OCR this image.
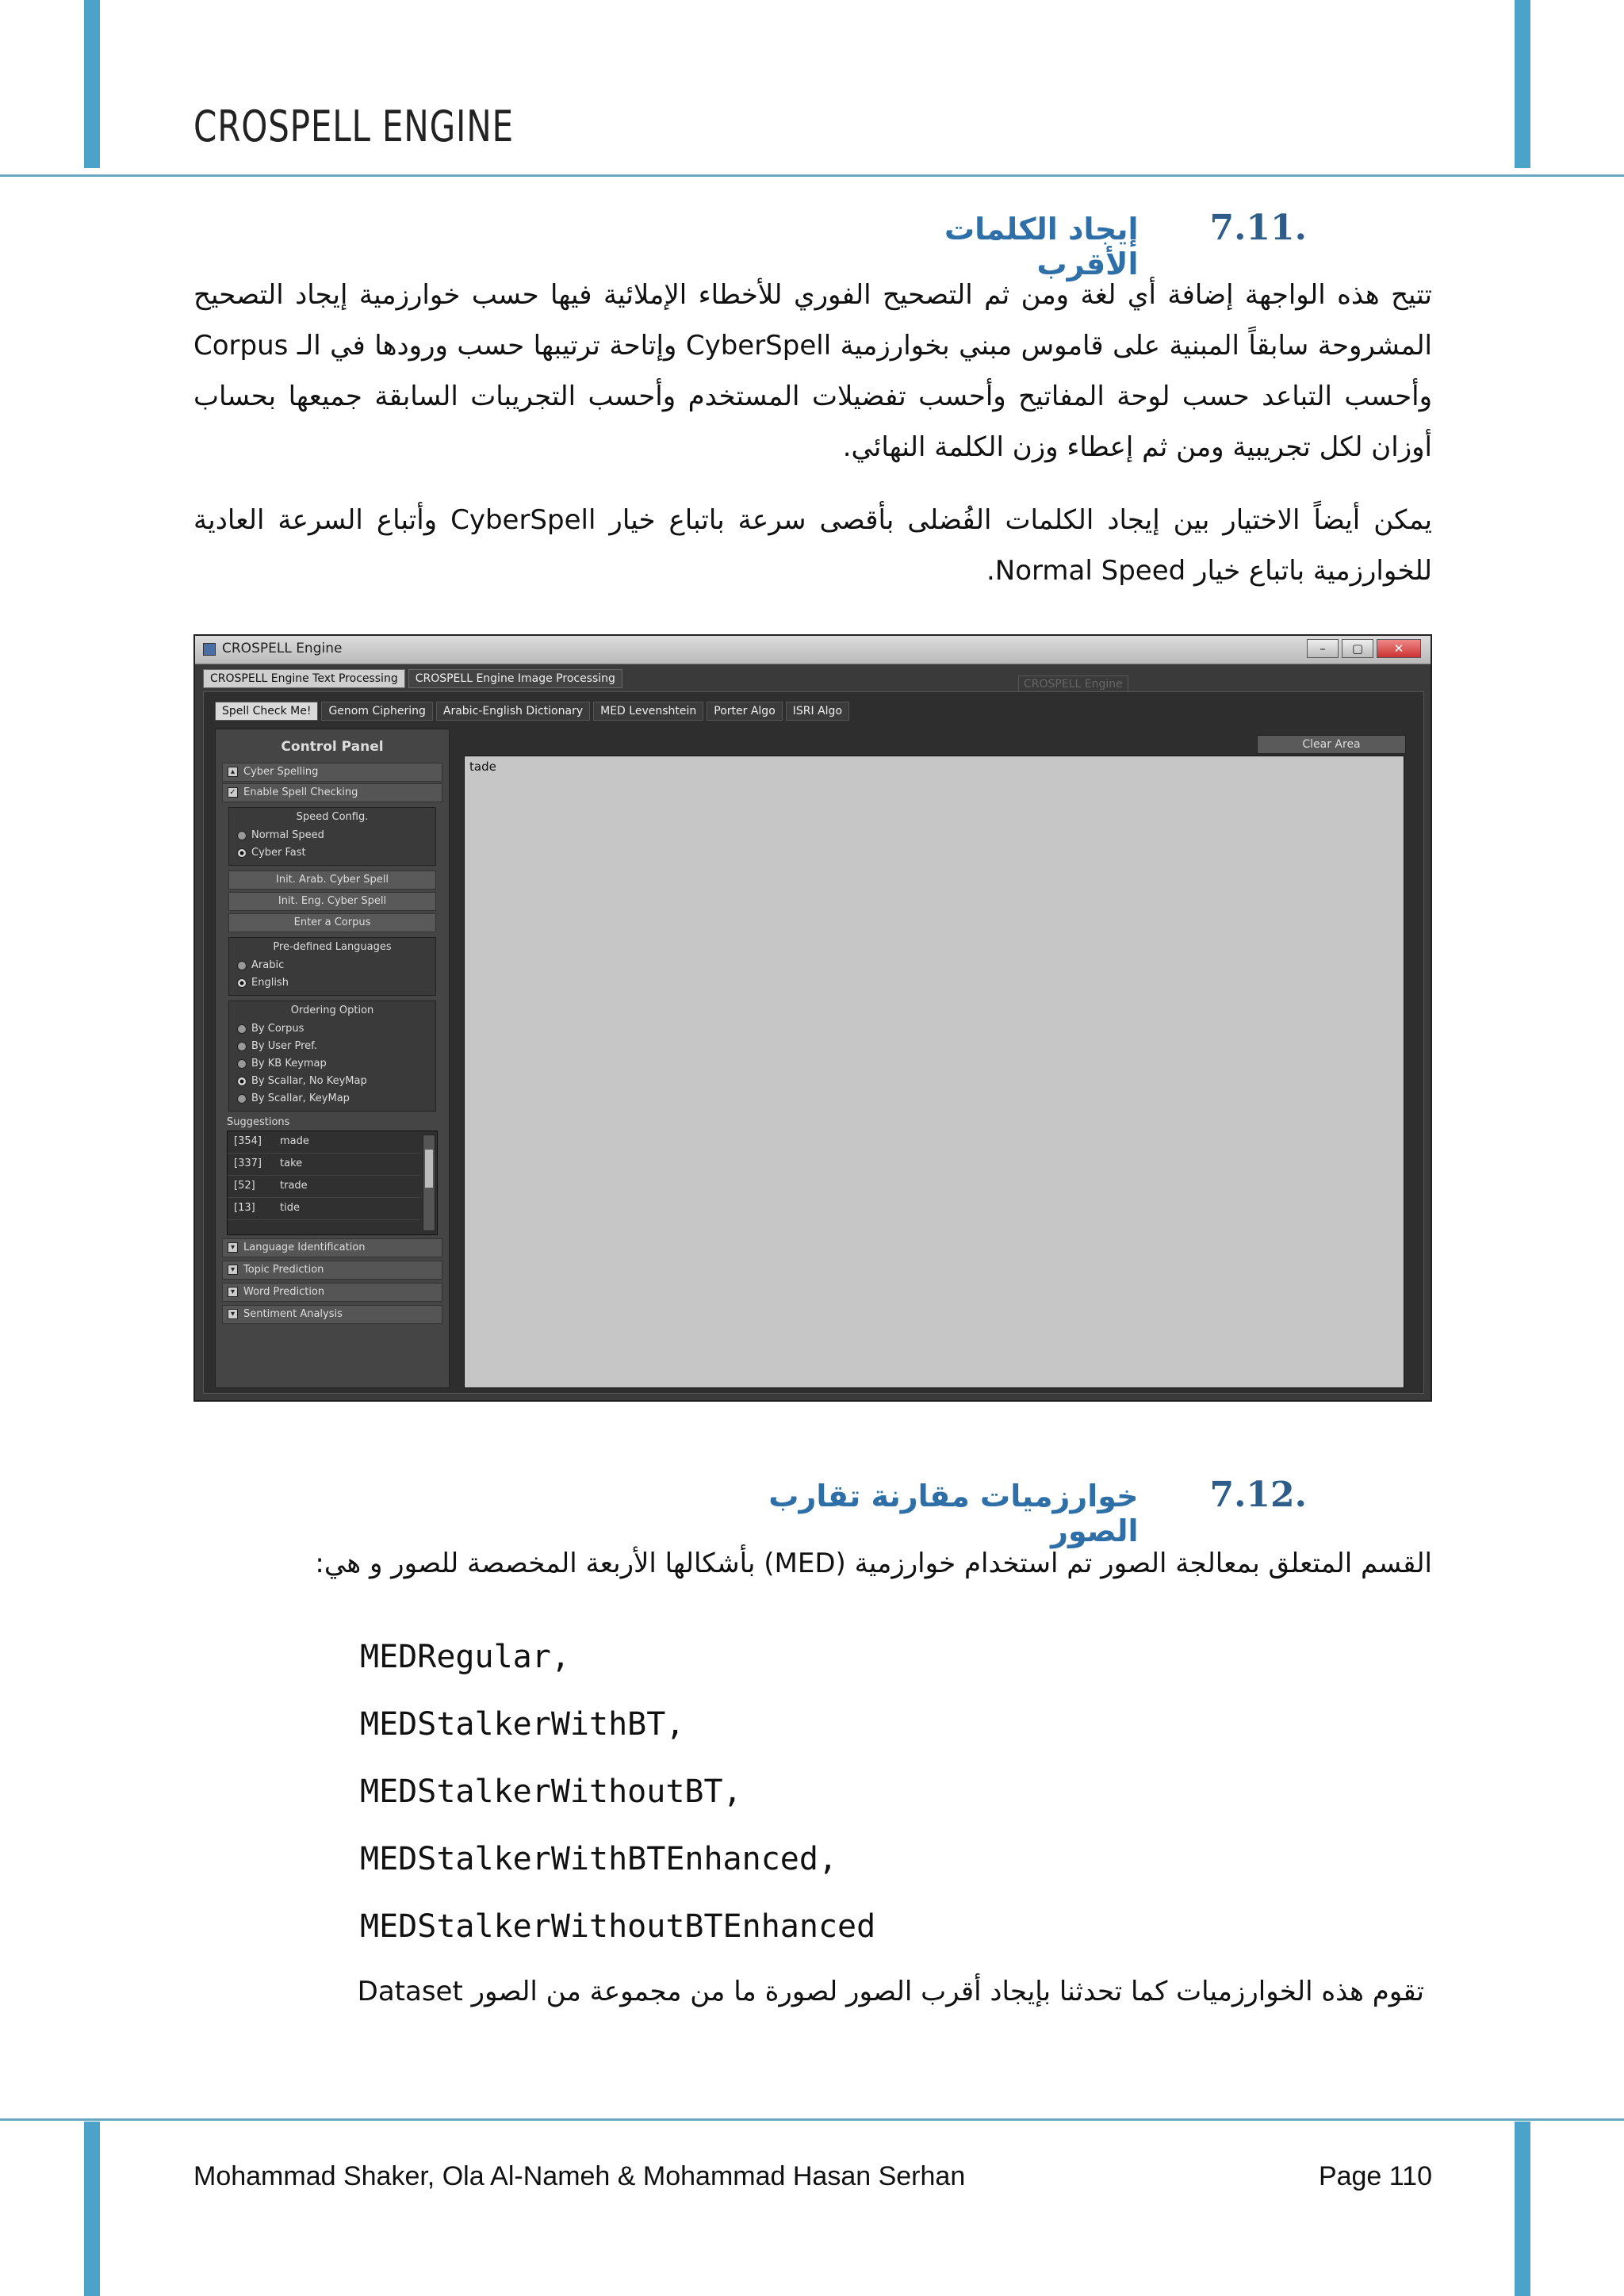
CROSPELL ENGINE
.7.11
إيجاد الكلمات الأقرب
تتيح هذه الواجهة إضافة أي لغة ومن ثم التصحيح الفوري للأخطاء الإملائية فيها حسب خوارزمية إيجاد التصحيح المشروحة سابقاً المبنية على قاموس مبني بخوارزمية CyberSpell وإتاحة ترتيبها حسب ورودها في الـ Corpus وأحسب التباعد حسب لوحة المفاتيح وأحسب تفضيلات المستخدم وأحسب التجريبات السابقة جميعها بحساب أوزان لكل تجريبية ومن ثم إعطاء وزن الكلمة النهائي.
يمكن أيضاً الاختيار بين إيجاد الكلمات الفُضلى بأقصى سرعة باتباع خيار CyberSpell وأتباع السرعة العادية للخوارزمية باتباع خيار Normal Speed.
CROSPELL Engine	–	▢	✕
CROSPELL Engine Text Processing	CROSPELL Engine Image Processing	CROSPELL Engine
Spell Check Me!	Genom Ciphering	Arabic-English Dictionary	MED Levenshtein	Porter Algo	ISRI Algo
Control Panel
▴ Cyber Spelling
✓ Enable Spell Checking
Speed Config.
Normal Speed
Cyber Fast
Init. Arab. Cyber Spell
Init. Eng. Cyber Spell
Enter a Corpus
Pre-defined Languages
Arabic
English
Ordering Option
By Corpus
By User Pref.
By KB Keymap
By Scallar, No KeyMap
By Scallar, KeyMap
Suggestions
[354]	made
[337]	take
[52]	trade
[13]	tide
▾ Language Identification
▾ Topic Prediction
▾ Word Prediction
▾ Sentiment Analysis
Clear Area
tade
.7.12
خوارزميات مقارنة تقارب الصور
القسم المتعلق بمعالجة الصور تم استخدام خوارزمية (MED) بأشكالها الأربعة المخصصة للصور و هي:
MEDRegular,
MEDStalkerWithBT,
MEDStalkerWithoutBT,
MEDStalkerWithBTEnhanced,
MEDStalkerWithoutBTEnhanced
تقوم هذه الخوارزميات كما تحدثنا بإيجاد أقرب الصور لصورة ما من مجموعة من الصور Dataset
Mohammad Shaker, Ola Al-Nameh & Mohammad Hasan Serhan	Page 110
